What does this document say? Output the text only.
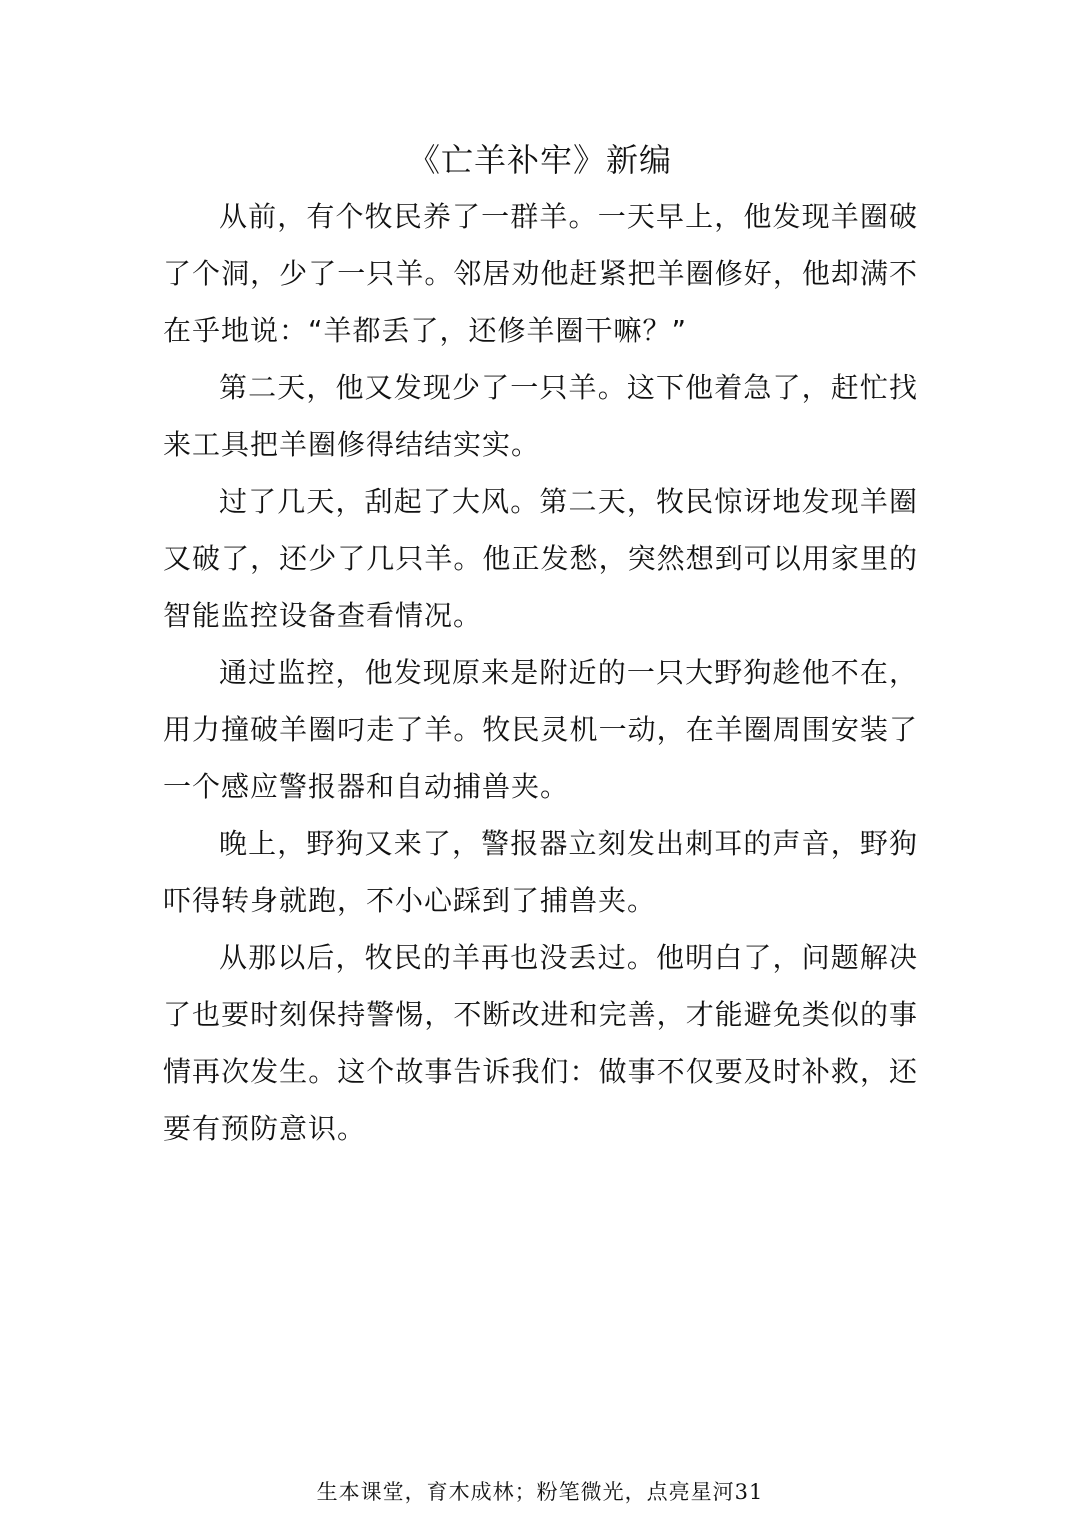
《亡羊补牢》新编

从前，有个牧民养了一群羊。一天早上，他发现羊圈破了个洞，少了一只羊。邻居劝他赶紧把羊圈修好，他却满不在乎地说：“羊都丢了，还修羊圈干嘛？”

第二天，他又发现少了一只羊。这下他着急了，赶忙找来工具把羊圈修得结结实实。

过了几天，刮起了大风。第二天，牧民惊讶地发现羊圈又破了，还少了几只羊。他正发愁，突然想到可以用家里的智能监控设备查看情况。

通过监控，他发现原来是附近的一只大野狗趁他不在，用力撞破羊圈叼走了羊。牧民灵机一动，在羊圈周围安装了一个感应警报器和自动捕兽夹。

晚上，野狗又来了，警报器立刻发出刺耳的声音，野狗吓得转身就跑，不小心踩到了捕兽夹。

从那以后，牧民的羊再也没丢过。他明白了，问题解决了也要时刻保持警惕，不断改进和完善，才能避免类似的事情再次发生。这个故事告诉我们：做事不仅要及时补救，还要有预防意识。

生本课堂，育木成林；粉笔微光，点亮星河31
